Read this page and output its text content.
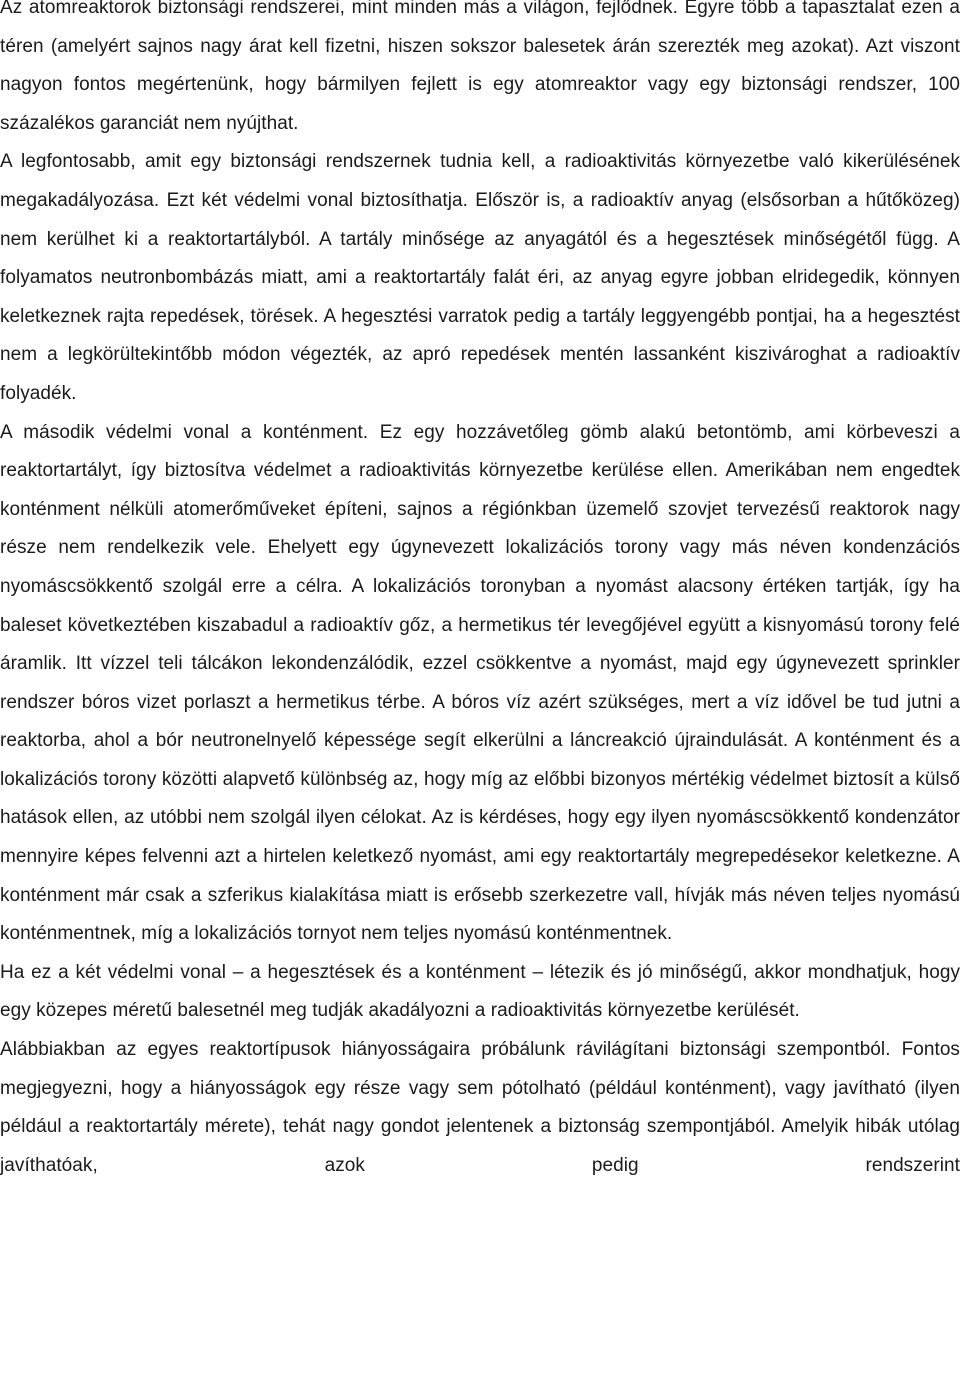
Az atomreaktorok biztonsági rendszerei, mint minden más a világon, fejlődnek. Egyre több a tapasztalat ezen a téren (amelyért sajnos nagy árat kell fizetni, hiszen sokszor balesetek árán szerezték meg azokat). Azt viszont nagyon fontos megértenünk, hogy bármilyen fejlett is egy atomreaktor vagy egy biztonsági rendszer, 100 százalékos garanciát nem nyújthat.

A legfontosabb, amit egy biztonsági rendszernek tudnia kell, a radioaktivitás környezetbe való kikerülésének megakadályozása. Ezt két védelmi vonal biztosíthatja. Először is, a radioaktív anyag (elsősorban a hűtőközeg) nem kerülhet ki a reaktortartályból. A tartály minősége az anyagától és a hegesztések minőségétől függ. A folyamatos neutronbombázás miatt, ami a reaktortartály falát éri, az anyag egyre jobban elridegedik, könnyen keletkeznek rajta repedések, törések. A hegesztési varratok pedig a tartály leggyengébb pontjai, ha a hegesztést nem a legkörültekintőbb módon végezték, az apró repedések mentén lassanként kiszivároghat a radioaktív folyadék.

A második védelmi vonal a konténment. Ez egy hozzávetőleg gömb alakú betontömb, ami körbeveszi a reaktortartályt, így biztosítva védelmet a radioaktivitás környezetbe kerülése ellen. Amerikában nem engedtek konténment nélküli atomerőműveket építeni, sajnos a régiónkban üzemelő szovjet tervezésű reaktorok nagy része nem rendelkezik vele. Ehelyett egy úgynevezett lokalizációs torony vagy más néven kondenzációs nyomáscsökkentő szolgál erre a célra. A lokalizációs toronyban a nyomást alacsony értéken tartják, így ha baleset következtében kiszabadul a radioaktív gőz, a hermetikus tér levegőjével együtt a kisnyomású torony felé áramlik. Itt vízzel teli tálcákon lekondenzálódik, ezzel csökkentve a nyomást, majd egy úgynevezett sprinkler rendszer bóros vizet porlaszt a hermetikus térbe. A bóros víz azért szükséges, mert a víz idővel be tud jutni a reaktorba, ahol a bór neutronelnyelő képessége segít elkerülni a láncreakció újraindulását. A konténment és a lokalizációs torony közötti alapvető különbség az, hogy míg az előbbi bizonyos mértékig védelmet biztosít a külső hatások ellen, az utóbbi nem szolgál ilyen célokat. Az is kérdéses, hogy egy ilyen nyomáscsökkentő kondenzátor mennyire képes felvenni azt a hirtelen keletkező nyomást, ami egy reaktortartály megrepedésekor keletkezne. A konténment már csak a szferikus kialakítása miatt is erősebb szerkezetre vall, hívják más néven teljes nyomású konténmentnek, míg a lokalizációs tornyot nem teljes nyomású konténmentnek.

Ha ez a két védelmi vonal – a hegesztések és a konténment – létezik és jó minőségű, akkor mondhatjuk, hogy egy közepes méretű balesetnél meg tudják akadályozni a radioaktivitás környezetbe kerülését.

Alábbiakban az egyes reaktortípusok hiányosságaira próbálunk rávilágítani biztonsági szempontból. Fontos megjegyezni, hogy a hiányosságok egy része vagy sem pótolható (például konténment), vagy javítható (ilyen például a reaktortartály mérete), tehát nagy gondot jelentenek a biztonság szempontjából. Amelyik hibák utólag javíthatóak, azok pedig rendszerint
